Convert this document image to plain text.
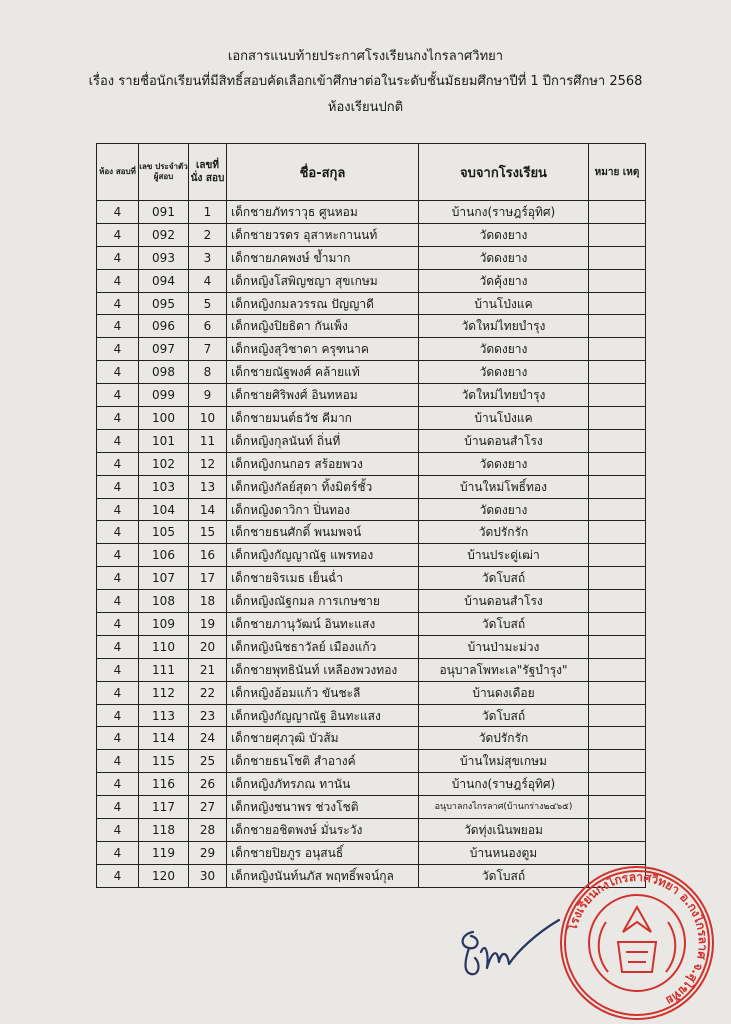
เอกสารแนบท้ายประกาศโรงเรียนกงไกรลาศวิทยา
เรื่อง รายชื่อนักเรียนที่มีสิทธิ์สอบคัดเลือกเข้าศึกษาต่อในระดับชั้นมัธยมศึกษาปีที่ 1 ปีการศึกษา 2568
ห้องเรียนปกติ
ห้อง สอบที่	เลข ประจำตัว ผู้สอบ	เลขที่ นั่ง สอบ	ชื่อ-สกุล	จบจากโรงเรียน	หมาย เหตุ
4	091	1	เด็กชายภัทราวุธ ศูนหอม	บ้านกง(ราษฎร์อุทิศ)	
4	092	2	เด็กชายวรดร อุสาหะกานนท์	วัดดงยาง	
4	093	3	เด็กชายภคพงษ์ ข้ำมาก	วัดดงยาง	
4	094	4	เด็กหญิงโสพิญชญา สุขเกษม	วัดคุ้งยาง	
4	095	5	เด็กหญิงกมลวรรณ ปัญญาดี	บ้านโป่งแค	
4	096	6	เด็กหญิงปิยธิดา กันเพ็ง	วัดใหม่ไทยบำรุง	
4	097	7	เด็กหญิงสุวิชาดา ครุฑนาค	วัดดงยาง	
4	098	8	เด็กชายณัฐพงศ์ คล้ายแท้	วัดดงยาง	
4	099	9	เด็กชายศิริพงศ์ อินทหอม	วัดใหม่ไทยบำรุง	
4	100	10	เด็กชายมนต์ธวัช คีมาก	บ้านโป่งแค	
4	101	11	เด็กหญิงกุลนันท์ ถิ่นที่	บ้านดอนสำโรง	
4	102	12	เด็กหญิงกนกอร สร้อยพวง	วัดดงยาง	
4	103	13	เด็กหญิงกัลย์สุดา ทิ้งมิตร์ชั้ว	บ้านใหม่โพธิ์ทอง	
4	104	14	เด็กหญิงดาวิกา ปิ่นทอง	วัดดงยาง	
4	105	15	เด็กชายธนศักดิ์ พนมพจน์	วัดปรักรัก	
4	106	16	เด็กหญิงกัญญาณัฐ แพรทอง	บ้านประดู่เฒ่า	
4	107	17	เด็กชายจิรเมธ เย็นฉ่ำ	วัดโบสถ์	
4	108	18	เด็กหญิงณัฐกมล การเกษชาย	บ้านดอนสำโรง	
4	109	19	เด็กชายภานุวัฒน์ อินทะแสง	วัดโบสถ์	
4	110	20	เด็กหญิงนิชธาวัลย์ เมืองแก้ว	บ้านป่ามะม่วง	
4	111	21	เด็กชายพุทธินันท์ เหลืองพวงทอง	อนุบาลโพทะเล"รัฐบำรุง"	
4	112	22	เด็กหญิงอ้อมแก้ว ขันชะลี	บ้านดงเดือย	
4	113	23	เด็กหญิงกัญญาณัฐ อินทะแสง	วัดโบสถ์	
4	114	24	เด็กชายศุภวุฒิ บัวส้ม	วัดปรักรัก	
4	115	25	เด็กชายธนโชติ สำอางค์	บ้านใหม่สุขเกษม	
4	116	26	เด็กหญิงภัทรภณ ทานัน	บ้านกง(ราษฎร์อุทิศ)	
4	117	27	เด็กหญิงชนาพร ช่วงโชติ	อนุบาลกงไกรลาศ(บ้านกร่าง๒๔๖๕)	
4	118	28	เด็กชายอชิตพงษ์ มั่นระวัง	วัดทุ่งเนินพยอม	
4	119	29	เด็กชายปิยภูร อนุสนธิ์	บ้านหนองตูม	
4	120	30	เด็กหญิงนันท์นภัส พฤทธิ์พจน์กุล	วัดโบสถ์	
โรงเรียนกงไกรลาศวิทยา อ.กงไกรลาศ จ.สุโขทัย
